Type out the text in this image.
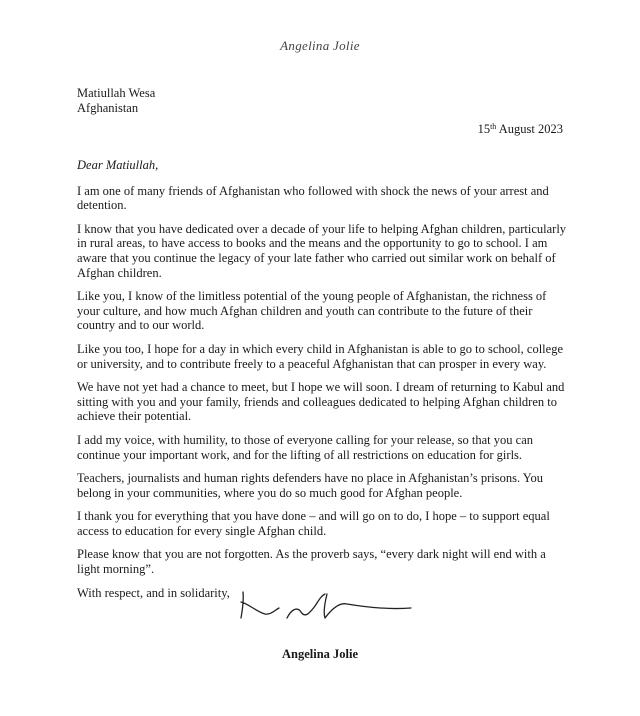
Angelina Jolie
Matiullah Wesa
Afghanistan
15th August 2023
Dear Matiullah,

I am one of many friends of Afghanistan who followed with shock the news of your arrest and detention.

I know that you have dedicated over a decade of your life to helping Afghan children, particularly in rural areas, to have access to books and the means and the opportunity to go to school. I am aware that you continue the legacy of your late father who carried out similar work on behalf of Afghan children.

Like you, I know of the limitless potential of the young people of Afghanistan, the richness of your culture, and how much Afghan children and youth can contribute to the future of their country and to our world.

Like you too, I hope for a day in which every child in Afghanistan is able to go to school, college or university, and to contribute freely to a peaceful Afghanistan that can prosper in every way.

We have not yet had a chance to meet, but I hope we will soon. I dream of returning to Kabul and sitting with you and your family, friends and colleagues dedicated to helping Afghan children to achieve their potential.

I add my voice, with humility, to those of everyone calling for your release, so that you can continue your important work, and for the lifting of all restrictions on education for girls.

Teachers, journalists and human rights defenders have no place in Afghanistan’s prisons. You belong in your communities, where you do so much good for Afghan people.

I thank you for everything that you have done – and will go on to do, I hope – to support equal access to education for every single Afghan child.

Please know that you are not forgotten. As the proverb says, “every dark night will end with a light morning”.

With respect, and in solidarity,

Angelina Jolie
